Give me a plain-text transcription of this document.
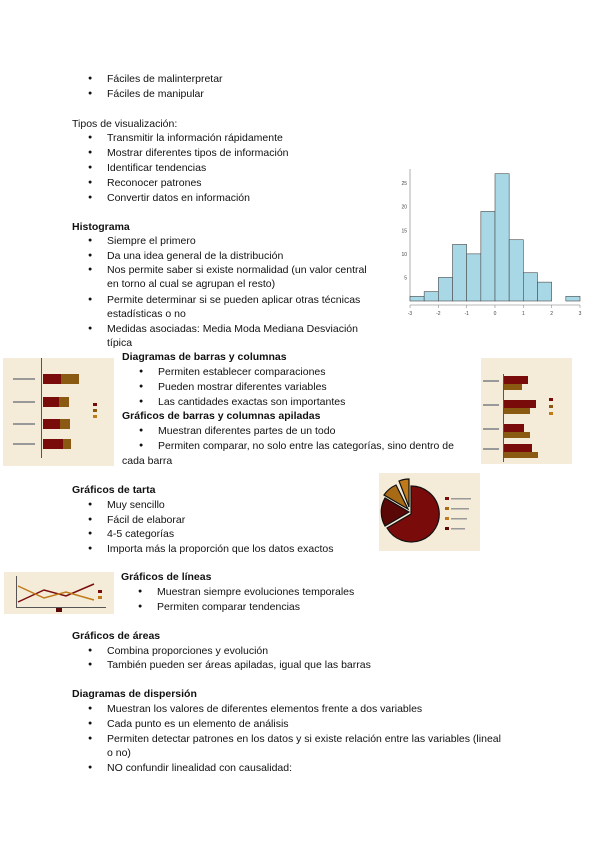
● Fáciles de malinterpretar
● Fáciles de manipular
Tipos de visualización:
● Transmitir la información rápidamente
● Mostrar diferentes tipos de información
● Identificar tendencias
● Reconocer patrones
● Convertir datos en información
Histograma
● Siempre el primero
● Da una idea general de la distribución
● Nos permite saber si existe normalidad (un valor central
en torno al cual se agrupan el resto)
● Permite determinar si se pueden aplicar otras técnicas
estadísticas o no
● Medidas asociadas: Media Moda Mediana Desviación
típica
-3	-2	-1	0	1	2	3
5
10
15
20
25
Diagramas de barras y columnas
● Permiten establecer comparaciones
● Pueden mostrar diferentes variables
● Las cantidades exactas son importantes
Gráficos de barras y columnas apiladas
● Muestran diferentes partes de un todo
● Permiten comparar, no solo entre las categorías, sino dentro de
cada barra
Gráficos de tarta
● Muy sencillo
● Fácil de elaborar
● 4-5 categorías
● Importa más la proporción que los datos exactos
Gráficos de líneas
● Muestran siempre evoluciones temporales
● Permiten comparar tendencias
Gráficos de áreas
● Combina proporciones y evolución
● También pueden ser áreas apiladas, igual que las barras
Diagramas de dispersión
● Muestran los valores de diferentes elementos frente a dos variables
● Cada punto es un elemento de análisis
● Permiten detectar patrones en los datos y si existe relación entre las variables (lineal
o no)
● NO confundir linealidad con causalidad:
